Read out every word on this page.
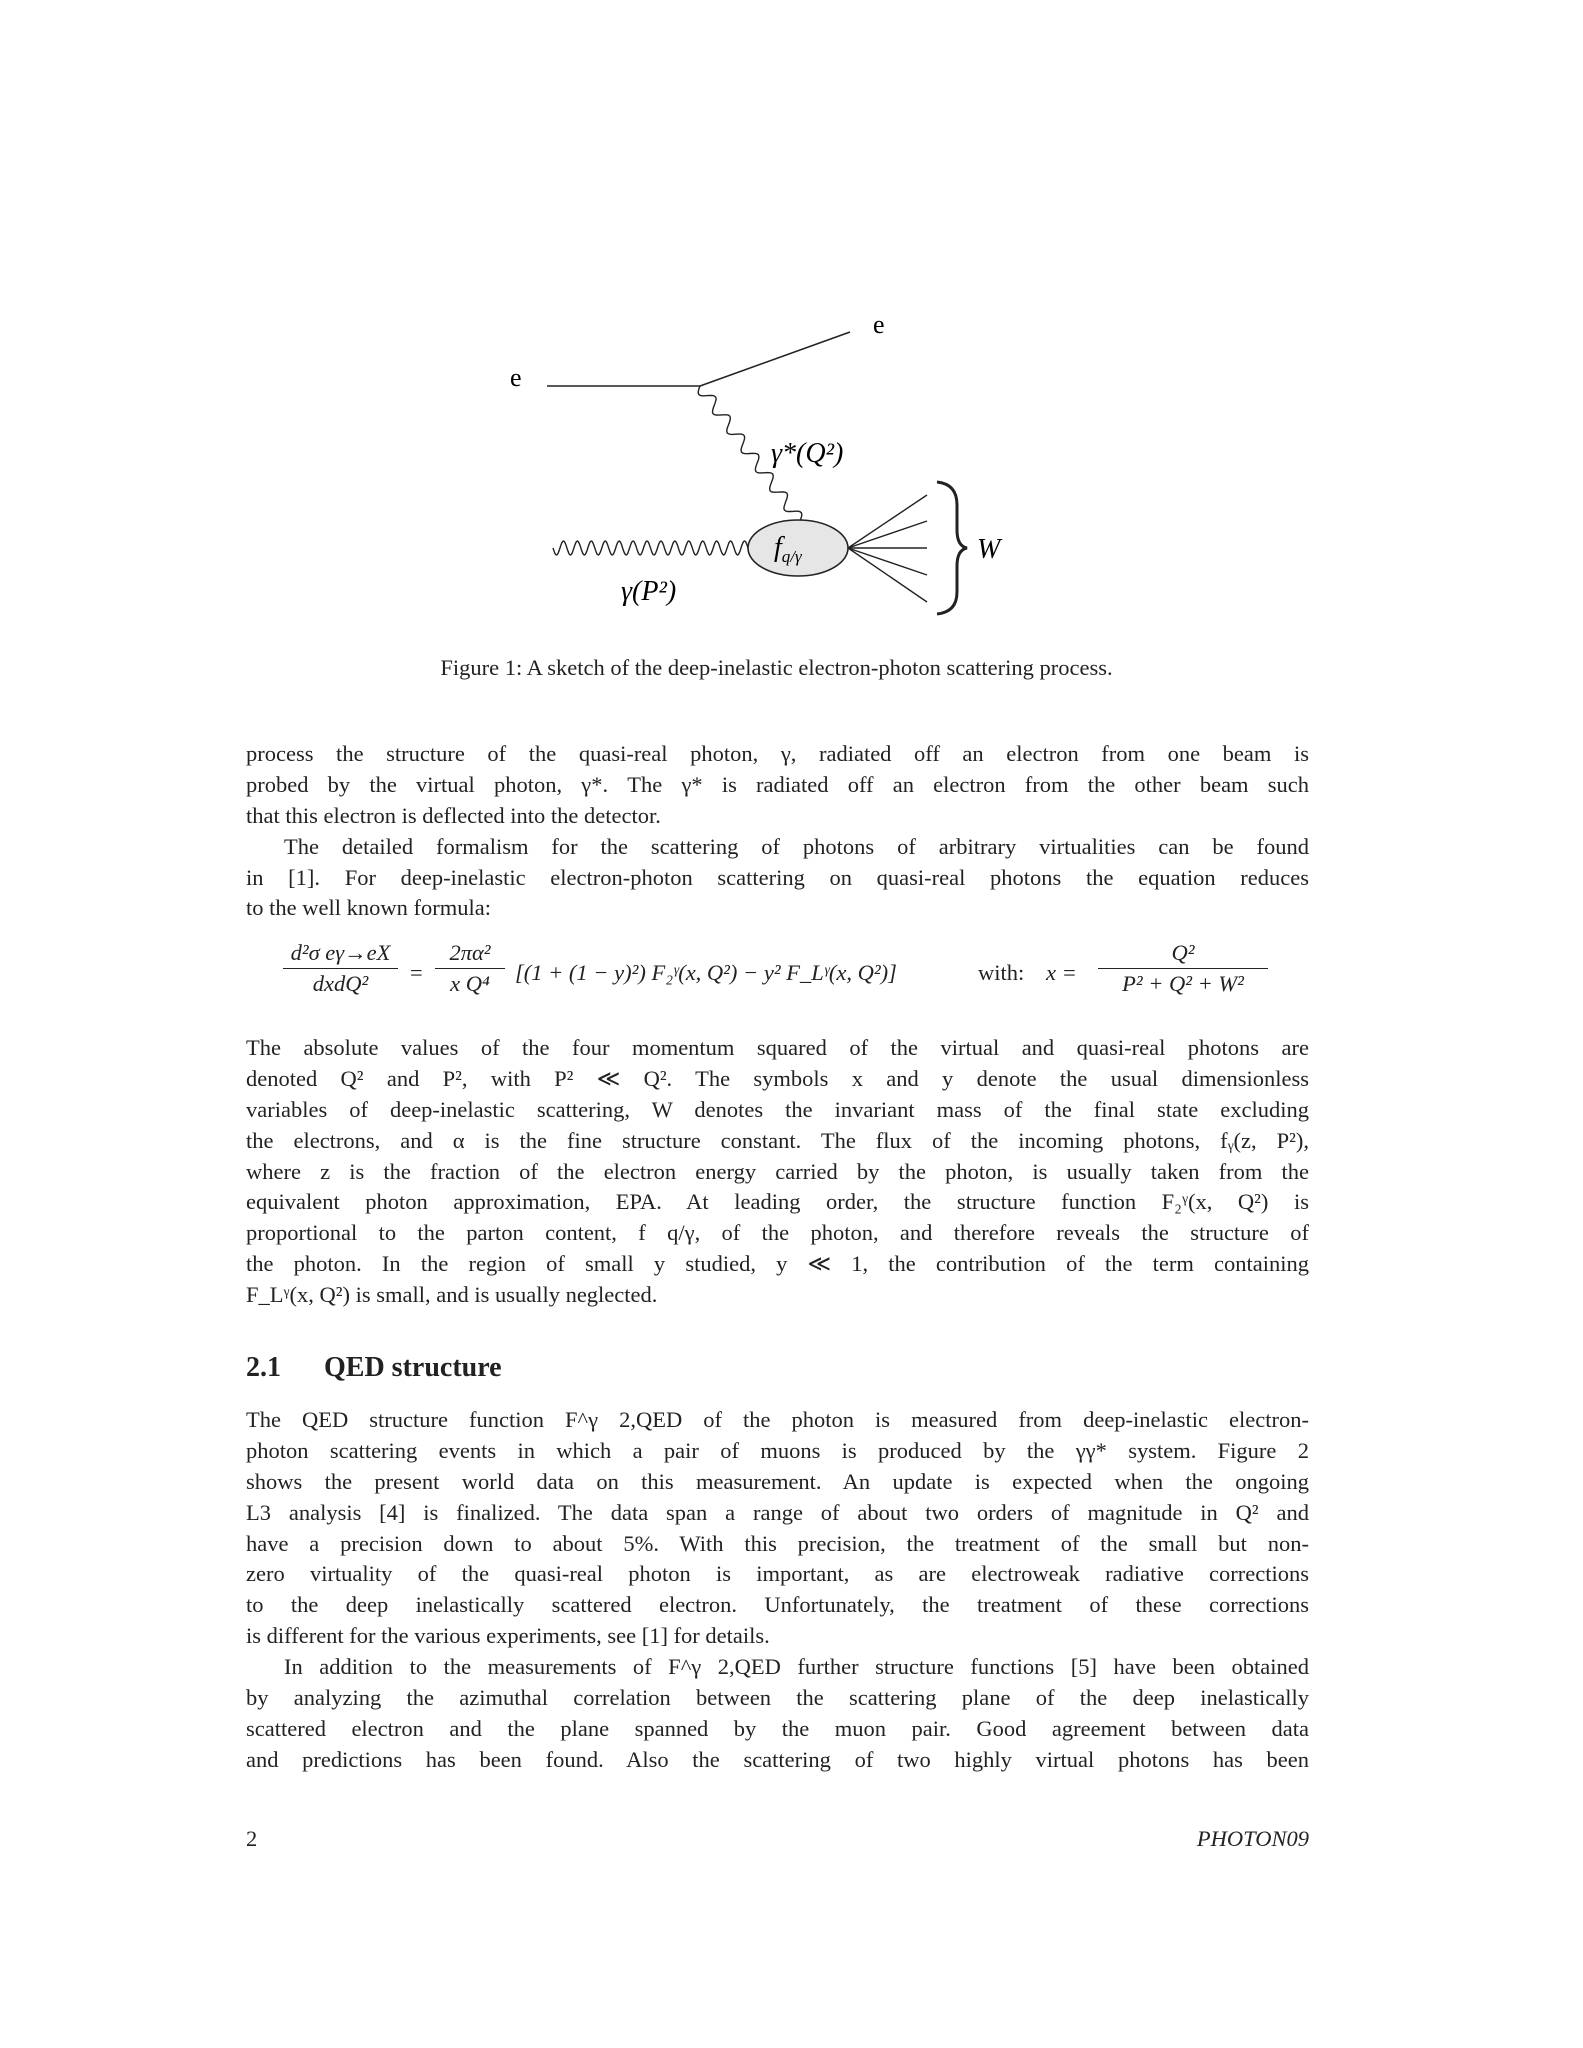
e
e
γ*(Q²)
γ(P²)
$f_{q/\gamma}$	W
Figure 1: A sketch of the deep-inelastic electron-photon scattering process.
process the structure of the quasi-real photon, γ, radiated off an electron from one beam is
probed by the virtual photon, γ*. The γ* is radiated off an electron from the other beam such
that this electron is deflected into the detector.
The detailed formalism for the scattering of photons of arbitrary virtualities can be found
in [1]. For deep-inelastic electron-photon scattering on quasi-real photons the equation reduces
to the well known formula:
d²σ eγ→eX
dxdQ²	= $\frac{\text{2πα²}}{\text{x Q⁴}} [(1 + (1 - y)^2)$ F₂ᵞ(x, Q²) − y² F_Lᵞ(x, Q²)]	with: $x = \frac{\text{Q²}}{\text{P² + Q² + W²}}$
The absolute values of the four momentum squared of the virtual and quasi-real photons are
denoted Q² and P², with P² ≪ Q². The symbols x and y denote the usual dimensionless
variables of deep-inelastic scattering, W denotes the invariant mass of the final state excluding
the electrons, and α is the fine structure constant. The flux of the incoming photons, fᵧ(z, P²),
where z is the fraction of the electron energy carried by the photon, is usually taken from the
equivalent photon approximation, EPA. At leading order, the structure function F₂ᵞ(x, Q²) is
proportional to the parton content, f q/γ, of the photon, and therefore reveals the structure of
the photon. In the region of small y studied, y ≪ 1, the contribution of the term containing
F_Lᵞ(x, Q²) is small, and is usually neglected.
2.1 QED structure
The QED structure function F^γ 2,QED of the photon is measured from deep-inelastic electron-
photon scattering events in which a pair of muons is produced by the γγ* system. Figure 2
shows the present world data on this measurement. An update is expected when the ongoing
L3 analysis [4] is finalized. The data span a range of about two orders of magnitude in Q² and
have a precision down to about 5%. With this precision, the treatment of the small but non-
zero virtuality of the quasi-real photon is important, as are electroweak radiative corrections
to the deep inelastically scattered electron. Unfortunately, the treatment of these corrections
is different for the various experiments, see [1] for details.
In addition to the measurements of F^γ 2,QED further structure functions [5] have been obtained
by analyzing the azimuthal correlation between the scattering plane of the deep inelastically
scattered electron and the plane spanned by the muon pair. Good agreement between data
and predictions has been found. Also the scattering of two highly virtual photons has been
2	PHOTON09
